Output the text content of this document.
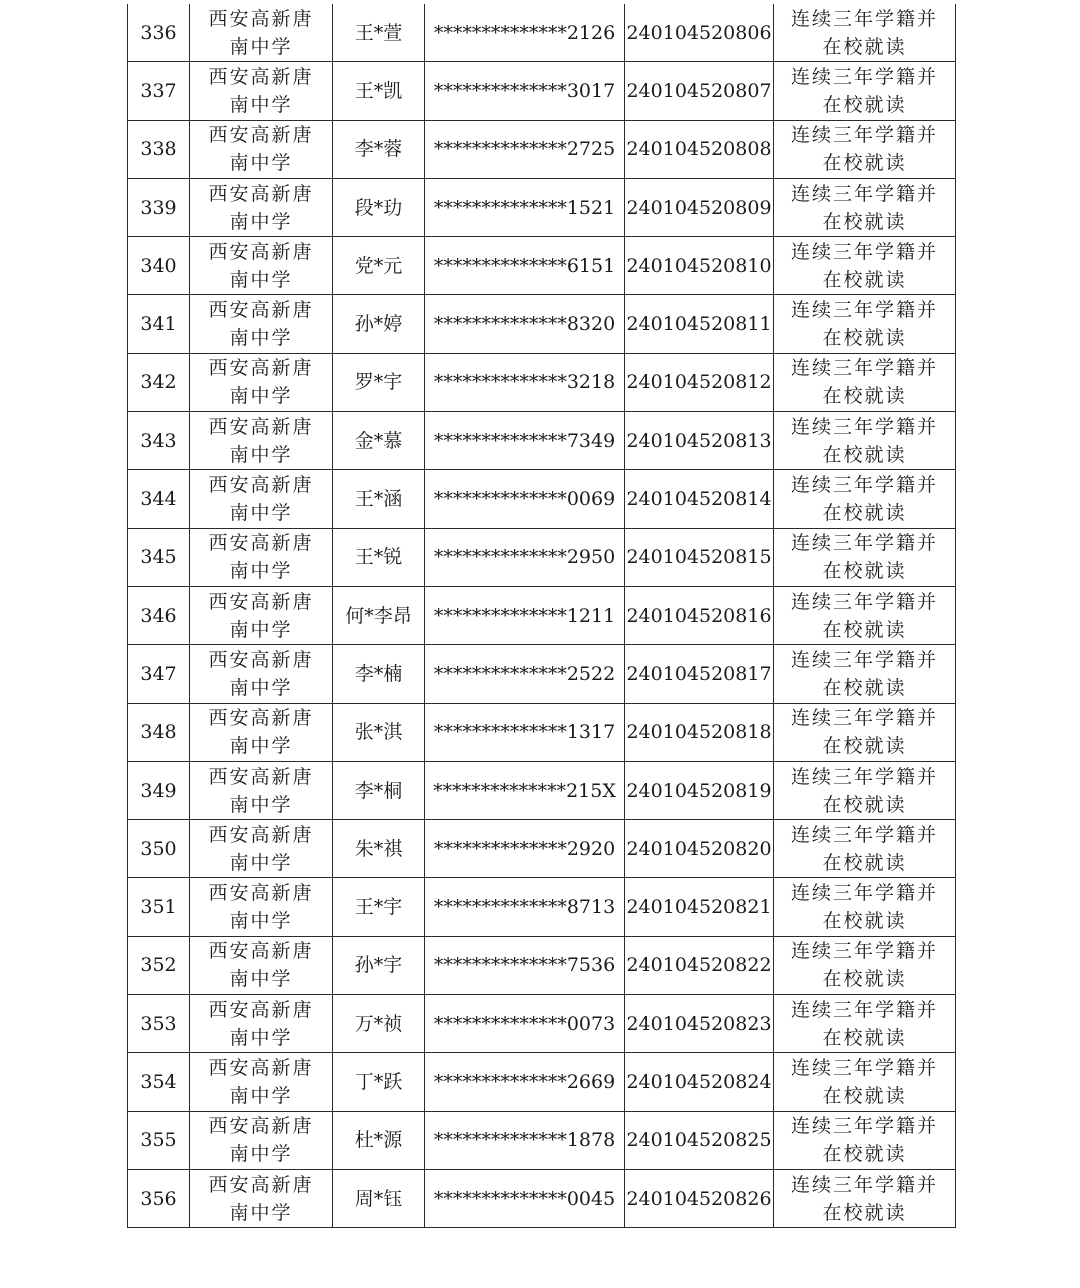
336	西安高新唐南中学	王*萱	**************2126	240104520806	连续三年学籍并在校就读
337	西安高新唐南中学	王*凯	**************3017	240104520807	连续三年学籍并在校就读
338	西安高新唐南中学	李*蓉	**************2725	240104520808	连续三年学籍并在校就读
339	西安高新唐南中学	段*玏	**************1521	240104520809	连续三年学籍并在校就读
340	西安高新唐南中学	党*元	**************6151	240104520810	连续三年学籍并在校就读
341	西安高新唐南中学	孙*婷	**************8320	240104520811	连续三年学籍并在校就读
342	西安高新唐南中学	罗*宇	**************3218	240104520812	连续三年学籍并在校就读
343	西安高新唐南中学	金*慕	**************7349	240104520813	连续三年学籍并在校就读
344	西安高新唐南中学	王*涵	**************0069	240104520814	连续三年学籍并在校就读
345	西安高新唐南中学	王*锐	**************2950	240104520815	连续三年学籍并在校就读
346	西安高新唐南中学	何*李昂	**************1211	240104520816	连续三年学籍并在校就读
347	西安高新唐南中学	李*楠	**************2522	240104520817	连续三年学籍并在校就读
348	西安高新唐南中学	张*淇	**************1317	240104520818	连续三年学籍并在校就读
349	西安高新唐南中学	李*桐	**************215X	240104520819	连续三年学籍并在校就读
350	西安高新唐南中学	朱*祺	**************2920	240104520820	连续三年学籍并在校就读
351	西安高新唐南中学	王*宇	**************8713	240104520821	连续三年学籍并在校就读
352	西安高新唐南中学	孙*宇	**************7536	240104520822	连续三年学籍并在校就读
353	西安高新唐南中学	万*祯	**************0073	240104520823	连续三年学籍并在校就读
354	西安高新唐南中学	丁*跃	**************2669	240104520824	连续三年学籍并在校就读
355	西安高新唐南中学	杜*源	**************1878	240104520825	连续三年学籍并在校就读
356	西安高新唐南中学	周*钰	**************0045	240104520826	连续三年学籍并在校就读
